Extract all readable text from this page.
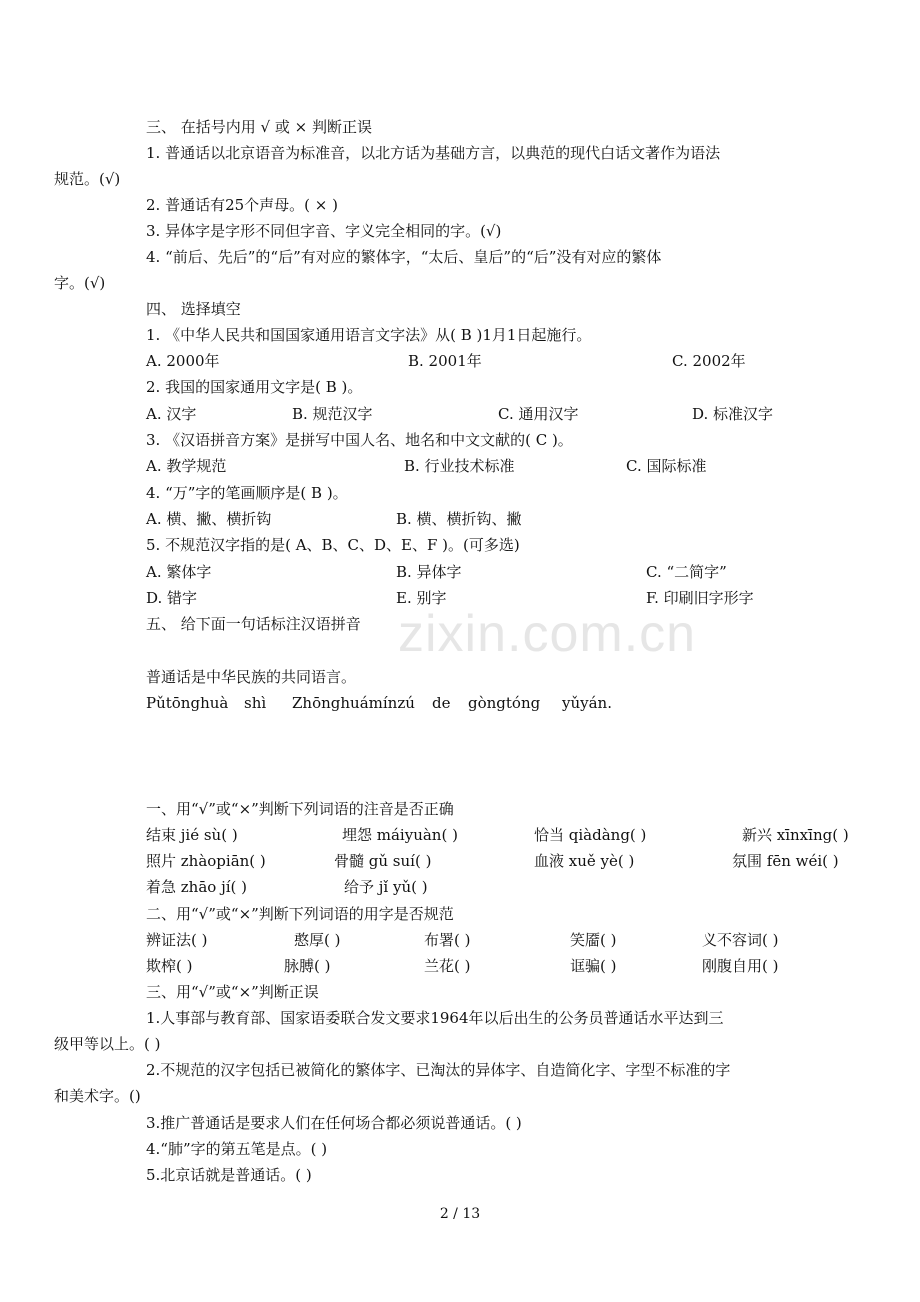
三、 在括号内用 √ 或 × 判断正误
1. 普通话以北京语音为标准音，以北方话为基础方言，以典范的现代白话文著作为语法
规范。(√)
2. 普通话有25个声母。( × )
3. 异体字是字形不同但字音、字义完全相同的字。(√)
4. “前后、先后”的“后”有对应的繁体字，“太后、皇后”的“后”没有对应的繁体
字。(√)
四、 选择填空
1. 《中华人民共和国国家通用语言文字法》从( B )1月1日起施行。
A. 2000年	B. 2001年	C. 2002年
2. 我国的国家通用文字是( B )。
A. 汉字	B. 规范汉字	C. 通用汉字	D. 标准汉字
3. 《汉语拼音方案》是拼写中国人名、地名和中文文献的( C )。
A. 教学规范	B. 行业技术标准	C. 国际标准
4. “万”字的笔画顺序是( B )。
A. 横、撇、横折钩	B. 横、横折钩、撇
5. 不规范汉字指的是( A、B、C、D、E、F )。(可多选)
A. 繁体字	B. 异体字	C. “二简字”
D. 错字	E. 别字	F. 印刷旧字形字
五、 给下面一句话标注汉语拼音 zixin.com.cn
普通话是中华民族的共同语言。
Pǔtōnghuà shì Zhōnghuámínzú de gòngtóng yǔyán.
一、用“√”或“×”判断下列词语的注音是否正确
结束 jié sù( )	埋怨 máiyuàn( )	恰当 qiàdàng( )	新兴 xīnxīng( )
照片 zhàopiān( )	骨髓 gǔ suí( )	血液 xuě yè( )	氛围 fēn wéi( )
着急 zhāo jí( )	给予 jǐ yǔ( )
二、用“√”或“×”判断下列词语的用字是否规范
辨证法( )	憨厚( )	布署( )	笑靥( )	义不容词( )
欺榨( )	脉膊( )	兰花( )	诓骗( )	刚腹自用( )
三、用“√”或“×”判断正误
1.人事部与教育部、国家语委联合发文要求1964年以后出生的公务员普通话水平达到三
级甲等以上。( )
2.不规范的汉字包括已被简化的繁体字、已淘汰的异体字、自造简化字、字型不标准的字
和美术字。()
3.推广普通话是要求人们在任何场合都必须说普通话。( )
4.“肺”字的第五笔是点。( )
5.北京话就是普通话。( )
2 / 13
